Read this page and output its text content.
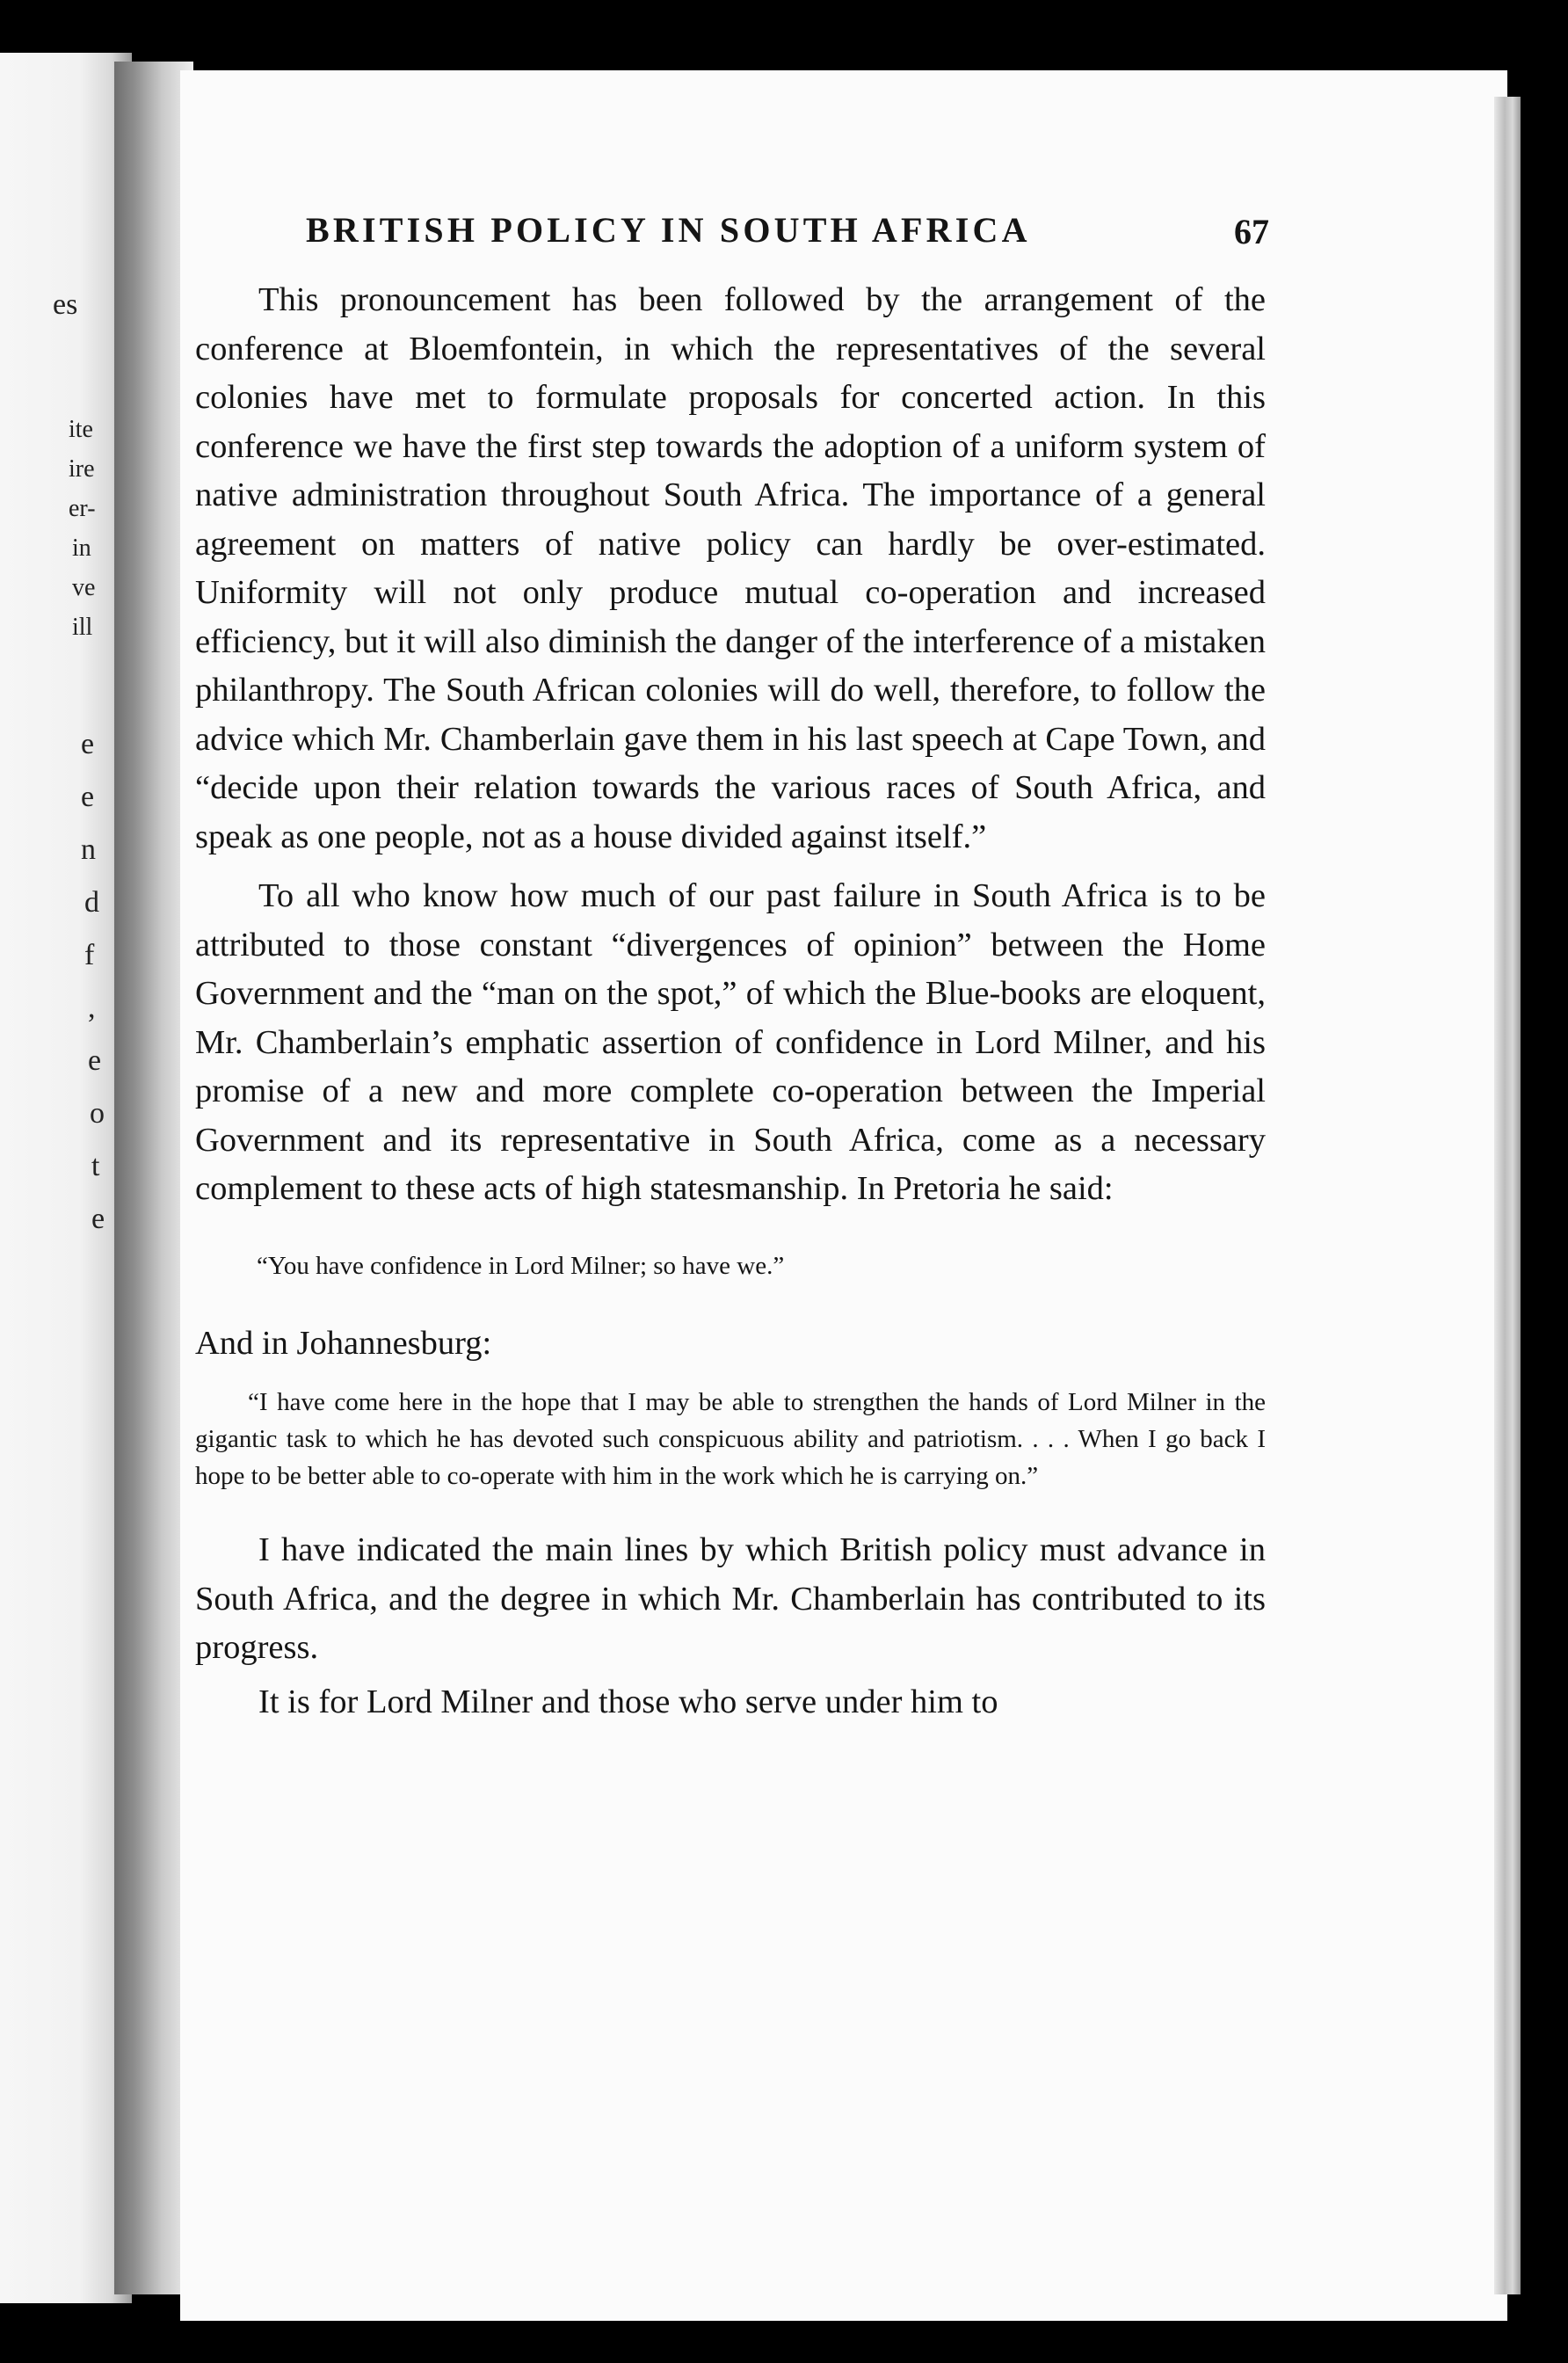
es
ite
ire
er-
in
ve
ill
e
e
n
d
f
,
e
o
t
e
BRITISH POLICY IN SOUTH AFRICA	67

This pronouncement has been followed by the arrangement of the conference at Bloemfontein, in which the representatives of the several colonies have met to formulate proposals for concerted action. In this conference we have the first step towards the adoption of a uniform system of native administration throughout South Africa. The importance of a general agreement on matters of native policy can hardly be over-estimated. Uniformity will not only produce mutual co-operation and increased efficiency, but it will also diminish the danger of the interference of a mistaken philanthropy. The South African colonies will do well, therefore, to follow the advice which Mr. Chamberlain gave them in his last speech at Cape Town, and “decide upon their relation towards the various races of South Africa, and speak as one people, not as a house divided against itself.”

To all who know how much of our past failure in South Africa is to be attributed to those constant “divergences of opinion” between the Home Government and the “man on the spot,” of which the Blue-books are eloquent, Mr. Chamberlain’s emphatic assertion of confidence in Lord Milner, and his promise of a new and more complete co-operation between the Imperial Government and its representative in South Africa, come as a necessary complement to these acts of high statesmanship. In Pretoria he said:

“You have confidence in Lord Milner; so have we.”

And in Johannesburg:

“I have come here in the hope that I may be able to strengthen the hands of Lord Milner in the gigantic task to which he has devoted such conspicuous ability and patriotism. . . . When I go back I hope to be better able to co-operate with him in the work which he is carrying on.”

I have indicated the main lines by which British policy must advance in South Africa, and the degree in which Mr. Chamberlain has contributed to its progress.

It is for Lord Milner and those who serve under him to
